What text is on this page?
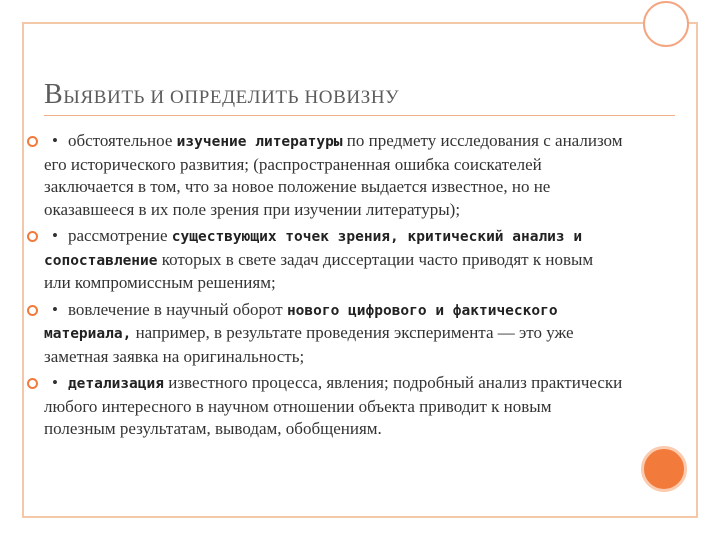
ВЫЯВИТЬ И ОПРЕДЕЛИТЬ НОВИЗНУ
• обстоятельное изучение литературы по предмету исследования с анализом его исторического развития; (распространенная ошибка соискателей заключается в том, что за новое положение выдается известное, но не оказавшееся в их поле зрения при изучении литературы);
• рассмотрение существующих точек зрения, критический анализ и сопоставление которых в свете задач диссертации часто приводят к новым или компромиссным решениям;
• вовлечение в научный оборот нового цифрового и фактического материала, например, в результате проведения эксперимента — это уже заметная заявка на оригинальность;
• детализация известного процесса, явления; подробный анализ практически любого интересного в научном отношении объекта приводит к новым полезным результатам, выводам, обобщениям.
